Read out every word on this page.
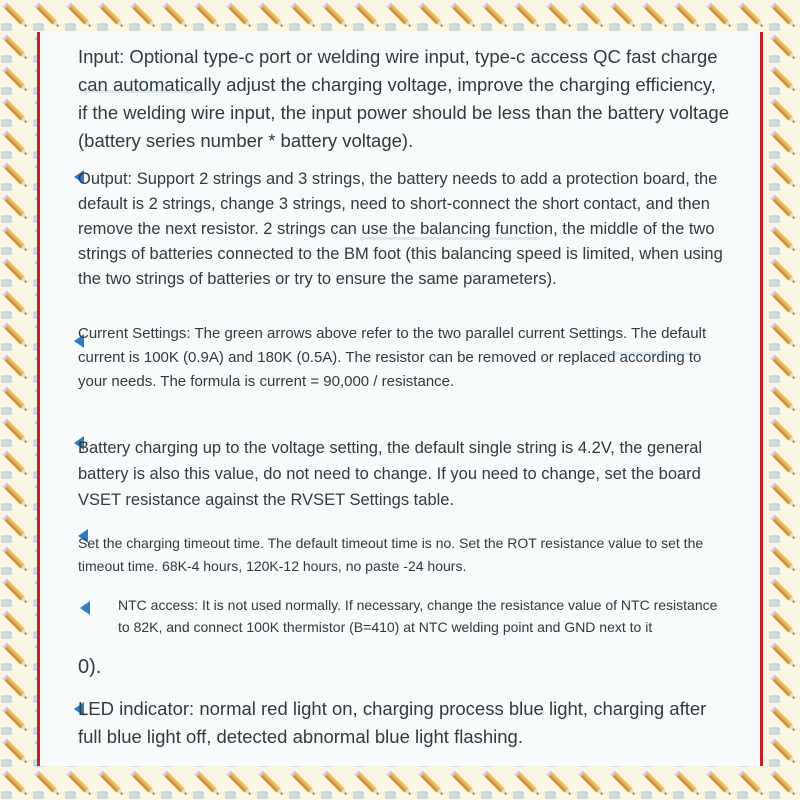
Input: Optional type-c port or welding wire input, type-c access QC fast charge can automatically adjust the charging voltage, improve the charging efficiency, if the welding wire input, the input power should be less than the battery voltage (battery series number * battery voltage).

Output: Support 2 strings and 3 strings, the battery needs to add a protection board, the default is 2 strings, change 3 strings, need to short-connect the short contact, and then remove the next resistor. 2 strings can use the balancing function, the middle of the two strings of batteries connected to the BM foot (this balancing speed is limited, when using the two strings of batteries or try to ensure the same parameters).

Current Settings: The green arrows above refer to the two parallel current Settings. The default current is 100K (0.9A) and 180K (0.5A). The resistor can be removed or replaced according to your needs. The formula is current = 90,000 / resistance.

Battery charging up to the voltage setting, the default single string is 4.2V, the general battery is also this value, do not need to change. If you need to change, set the board VSET resistance against the RVSET Settings table.

Set the charging timeout time. The default timeout time is no. Set the ROT resistance value to set the timeout time. 68K-4 hours, 120K-12 hours, no paste -24 hours.

NTC access: It is not used normally. If necessary, change the resistance value of NTC resistance to 82K, and connect 100K thermistor (B=410) at NTC welding point and GND next to it

0).

LED indicator: normal red light on, charging process blue light, charging after full blue light off, detected abnormal blue light flashing.
